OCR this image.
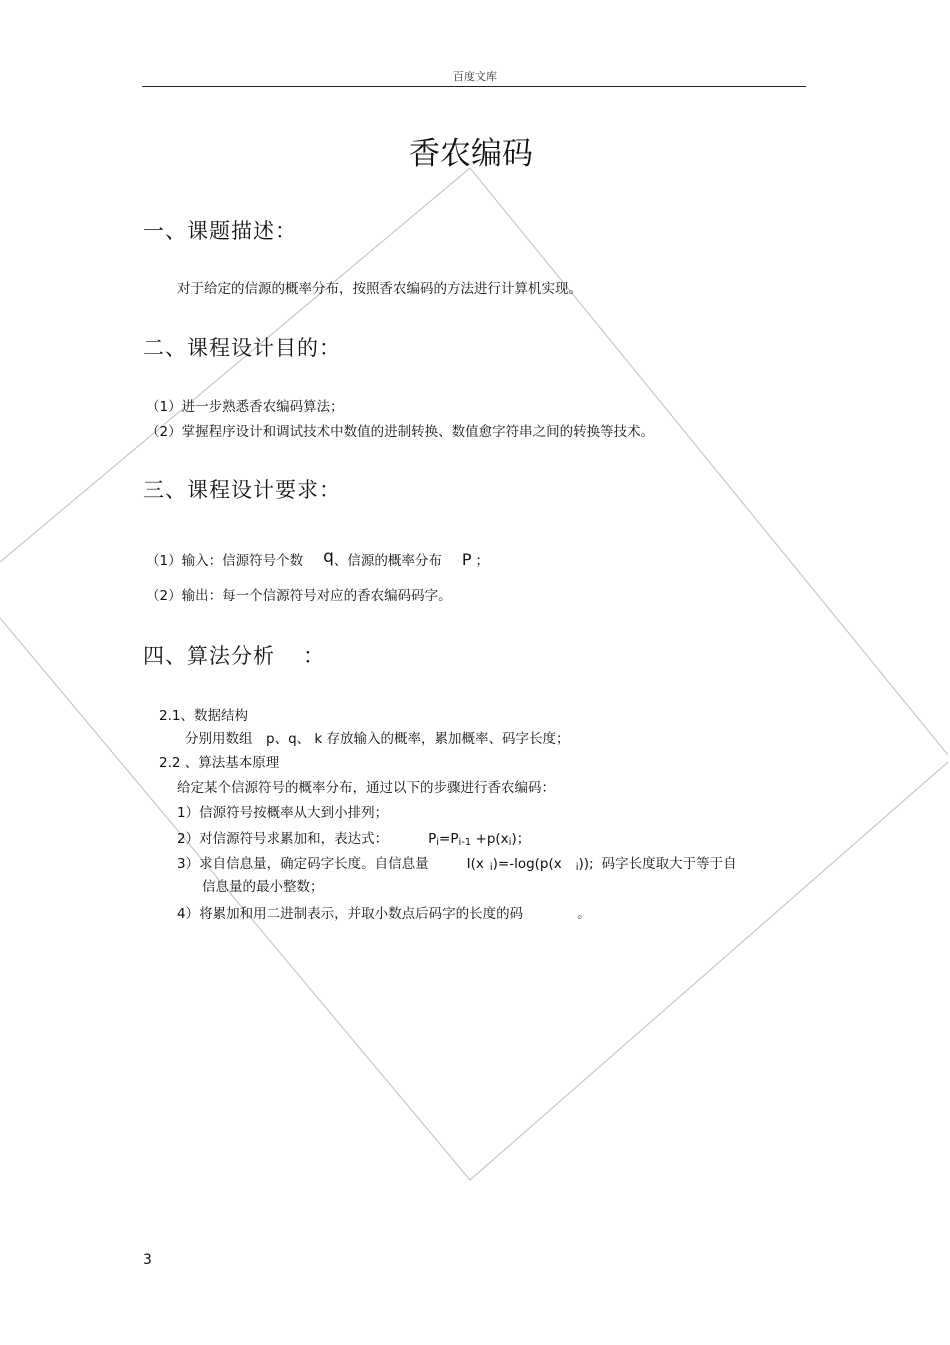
百度文库
香农编码
一、课题描述：
对于给定的信源的概率分布，按照香农编码的方法进行计算机实现。
二、课程设计目的：
（1）进一步熟悉香农编码算法；
（2）掌握程序设计和调试技术中数值的进制转换、数值愈字符串之间的转换等技术。
三、课程设计要求：
（1）输入：信源符号个数 q、信源的概率分布 P ；
（2）输出：每一个信源符号对应的香农编码码字。
四、算法分析 ：
2.1、数据结构
分别用数组　p、q、 k 存放输入的概率，累加概率、码字长度；
2.2 、算法基本原理
给定某个信源符号的概率分布，通过以下的步骤进行香农编码：
1）信源符号按概率从大到小排列；
2）对信源符号求累加和，表达式：	Pi=Pi-1 +p(xi)；
3）求自信息量，确定码字长度。自信息量	I(x i)=-log(p(x i)); 码字长度取大于等于自
信息量的最小整数；
4）将累加和用二进制表示，并取小数点后码字的长度的码	。
3
